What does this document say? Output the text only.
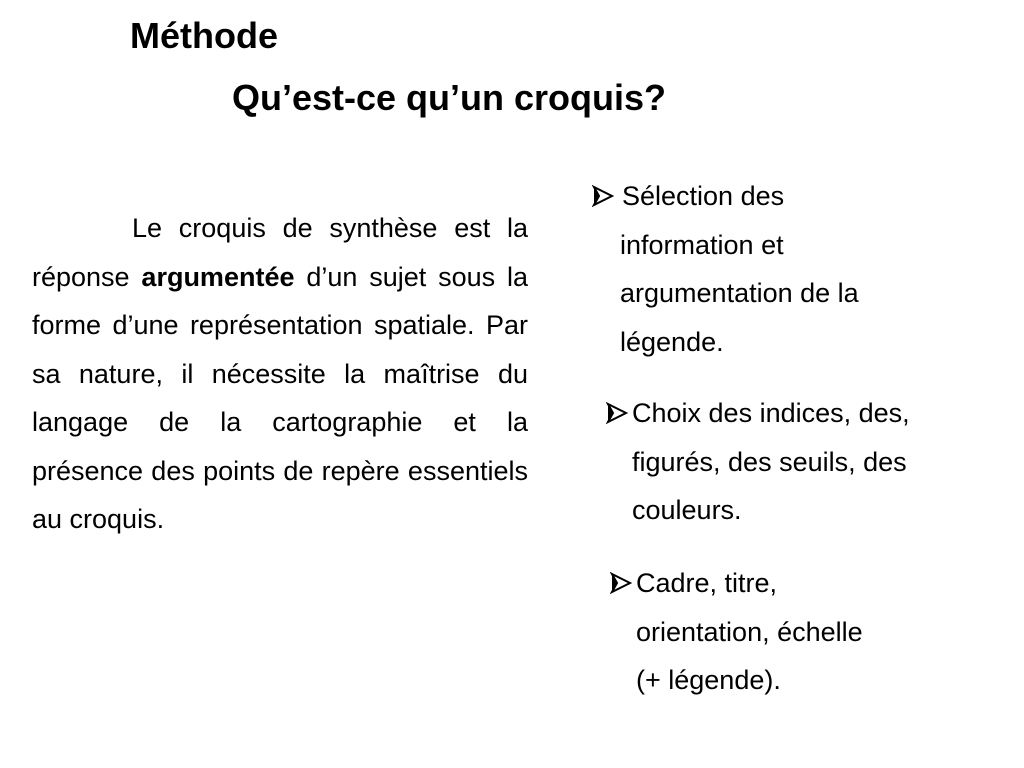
Méthode
Qu’est-ce qu’un croquis?
Le croquis de synthèse est la réponse argumentée d’un sujet sous la forme d’une représentation spatiale. Par sa nature, il nécessite la maîtrise du langage de la cartographie et la présence des points de repère essentiels au croquis.
Sélection des
information et
argumentation de la
légende.
Choix des indices, des,
figurés, des seuils, des
couleurs.
Cadre, titre,
orientation, échelle
(+ légende).
